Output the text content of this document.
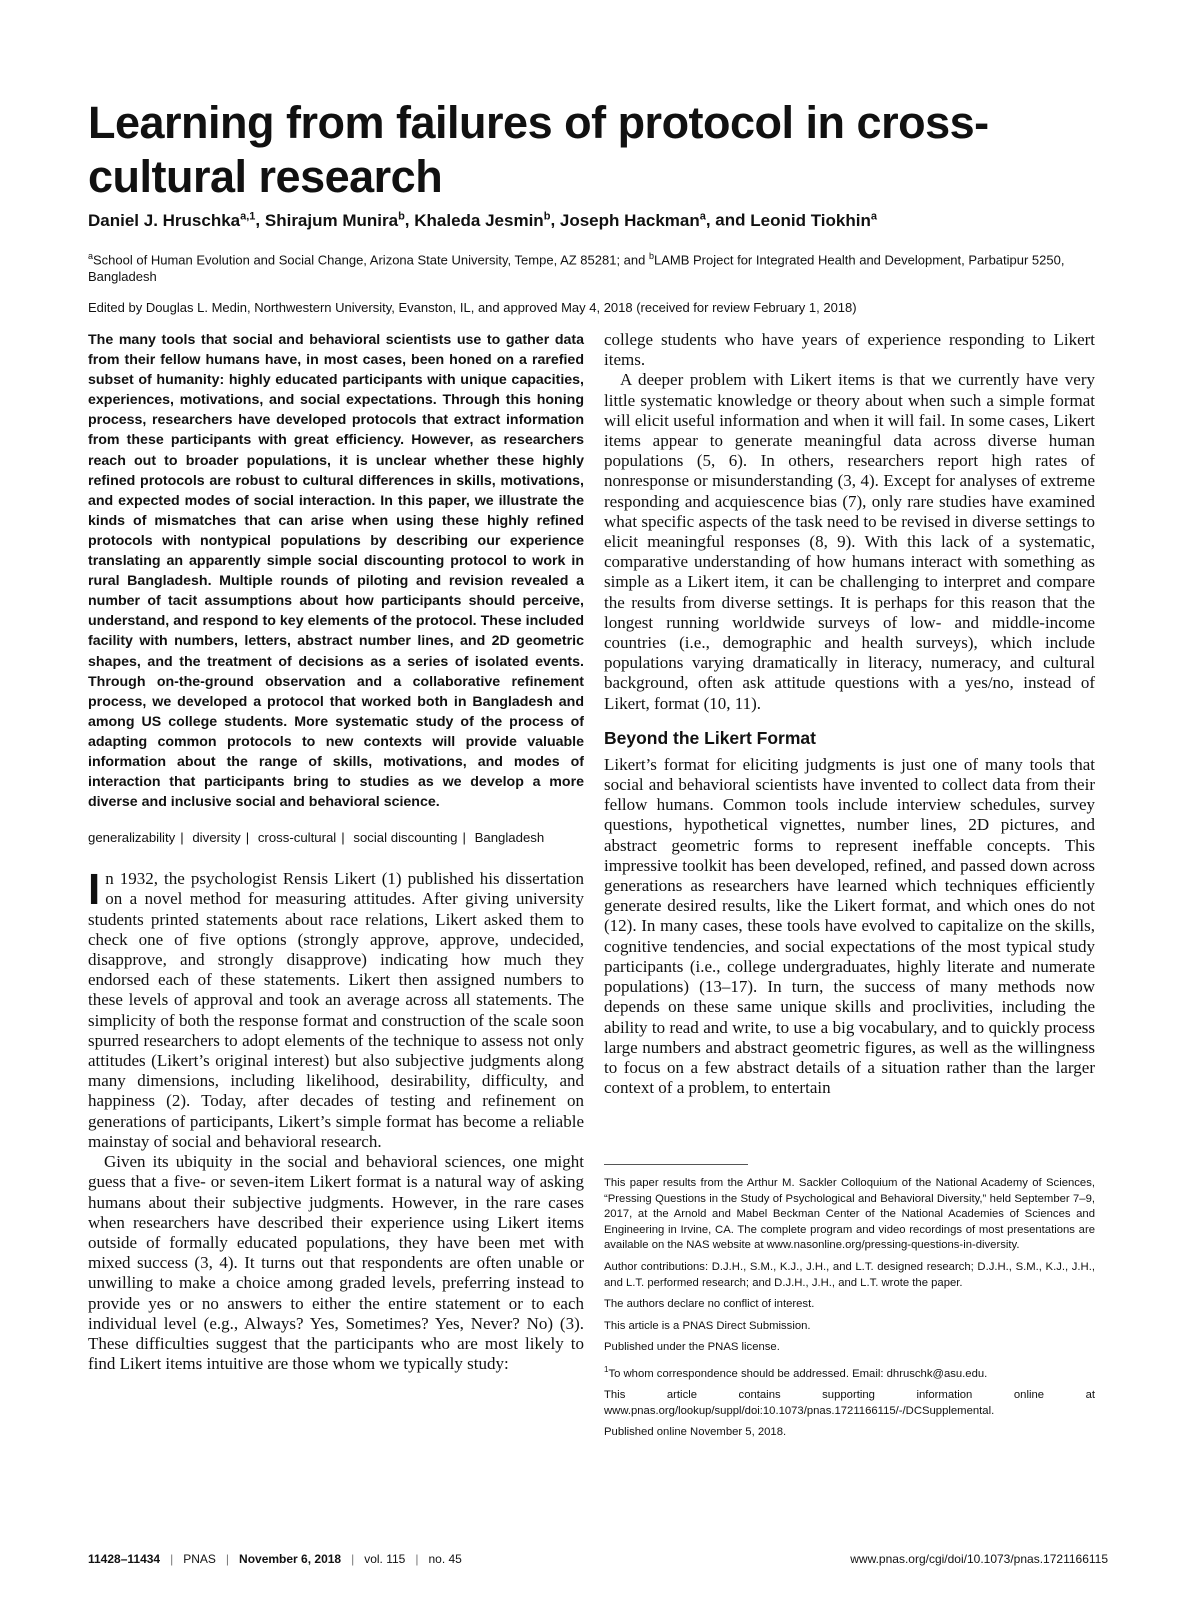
Learning from failures of protocol in cross-cultural research
Daniel J. Hruschka$^{a,1}$, Shirajum Munira$^b$, Khaleda Jesmin$^b$, Joseph Hackman$^a$, and Leonid Tiokhin$^a$
$^a$School of Human Evolution and Social Change, Arizona State University, Tempe, AZ 85281; and $^b$LAMB Project for Integrated Health and Development, Parbatipur 5250, Bangladesh
Edited by Douglas L. Medin, Northwestern University, Evanston, IL, and approved May 4, 2018 (received for review February 1, 2018)

The many tools that social and behavioral scientists use to gather data from their fellow humans have, in most cases, been honed on a rarefied subset of humanity: highly educated participants with unique capacities, experiences, motivations, and social expectations. Through this honing process, researchers have developed protocols that extract information from these participants with great efficiency. However, as researchers reach out to broader populations, it is unclear whether these highly refined protocols are robust to cultural differences in skills, motivations, and expected modes of social interaction. In this paper, we illustrate the kinds of mismatches that can arise when using these highly refined protocols with nontypical populations by describing our experience translating an apparently simple social discounting protocol to work in rural Bangladesh. Multiple rounds of piloting and revision revealed a number of tacit assumptions about how participants should perceive, understand, and respond to key elements of the protocol. These included facility with numbers, letters, abstract number lines, and 2D geometric shapes, and the treatment of decisions as a series of isolated events. Through on-the-ground observation and a collaborative refinement process, we developed a protocol that worked both in Bangladesh and among US college students. More systematic study of the process of adapting common protocols to new contexts will provide valuable information about the range of skills, motivations, and modes of interaction that participants bring to studies as we develop a more diverse and inclusive social and behavioral science.

generalizability | diversity | cross-cultural | social discounting | Bangladesh

In 1932, the psychologist Rensis Likert (1) published his dissertation on a novel method for measuring attitudes. After giving university students printed statements about race relations, Likert asked them to check one of five options (strongly approve, approve, undecided, disapprove, and strongly disapprove) indicating how much they endorsed each of these statements. Likert then assigned numbers to these levels of approval and took an average across all statements. The simplicity of both the response format and construction of the scale soon spurred researchers to adopt elements of the technique to assess not only attitudes (Likert’s original interest) but also subjective judgments along many dimensions, including likelihood, desirability, difficulty, and happiness (2). Today, after decades of testing and refinement on generations of participants, Likert’s simple format has become a reliable mainstay of social and behavioral research.

Given its ubiquity in the social and behavioral sciences, one might guess that a five- or seven-item Likert format is a natural way of asking humans about their subjective judgments. However, in the rare cases when researchers have described their experience using Likert items outside of formally educated populations, they have been met with mixed success (3, 4). It turns out that respondents are often unable or unwilling to make a choice among graded levels, preferring instead to provide yes or no answers to either the entire statement or to each individual level (e.g., Always? Yes, Sometimes? Yes, Never? No) (3). These difficulties suggest that the participants who are most likely to find Likert items intuitive are those whom we typically study:

college students who have years of experience responding to Likert items.

A deeper problem with Likert items is that we currently have very little systematic knowledge or theory about when such a simple format will elicit useful information and when it will fail. In some cases, Likert items appear to generate meaningful data across diverse human populations (5, 6). In others, researchers report high rates of nonresponse or misunderstanding (3, 4). Except for analyses of extreme responding and acquiescence bias (7), only rare studies have examined what specific aspects of the task need to be revised in diverse settings to elicit meaningful responses (8, 9). With this lack of a systematic, comparative understanding of how humans interact with something as simple as a Likert item, it can be challenging to interpret and compare the results from diverse settings. It is perhaps for this reason that the longest running worldwide surveys of low- and middle-income countries (i.e., demographic and health surveys), which include populations varying dramatically in literacy, numeracy, and cultural background, often ask attitude questions with a yes/no, instead of Likert, format (10, 11).

Beyond the Likert Format

Likert’s format for eliciting judgments is just one of many tools that social and behavioral scientists have invented to collect data from their fellow humans. Common tools include interview schedules, survey questions, hypothetical vignettes, number lines, 2D pictures, and abstract geometric forms to represent ineffable concepts. This impressive toolkit has been developed, refined, and passed down across generations as researchers have learned which techniques efficiently generate desired results, like the Likert format, and which ones do not (12). In many cases, these tools have evolved to capitalize on the skills, cognitive tendencies, and social expectations of the most typical study participants (i.e., college undergraduates, highly literate and numerate populations) (13–17). In turn, the success of many methods now depends on these same unique skills and proclivities, including the ability to read and write, to use a big vocabulary, and to quickly process large numbers and abstract geometric figures, as well as the willingness to focus on a few abstract details of a situation rather than the larger context of a problem, to entertain

This paper results from the Arthur M. Sackler Colloquium of the National Academy of Sciences, “Pressing Questions in the Study of Psychological and Behavioral Diversity,” held September 7–9, 2017, at the Arnold and Mabel Beckman Center of the National Academies of Sciences and Engineering in Irvine, CA. The complete program and video recordings of most presentations are available on the NAS website at www.nasonline.org/pressing-questions-in-diversity.

Author contributions: D.J.H., S.M., K.J., J.H., and L.T. designed research; D.J.H., S.M., K.J., J.H., and L.T. performed research; and D.J.H., J.H., and L.T. wrote the paper.

The authors declare no conflict of interest.

This article is a PNAS Direct Submission.

Published under the PNAS license.

$^1$To whom correspondence should be addressed. Email: dhruschk@asu.edu.

This article contains supporting information online at www.pnas.org/lookup/suppl/doi:10.1073/pnas.1721166115/-/DCSupplemental.

Published online November 5, 2018.

11428–11434 | PNAS | November 6, 2018 | vol. 115 | no. 45	www.pnas.org/cgi/doi/10.1073/pnas.1721166115
